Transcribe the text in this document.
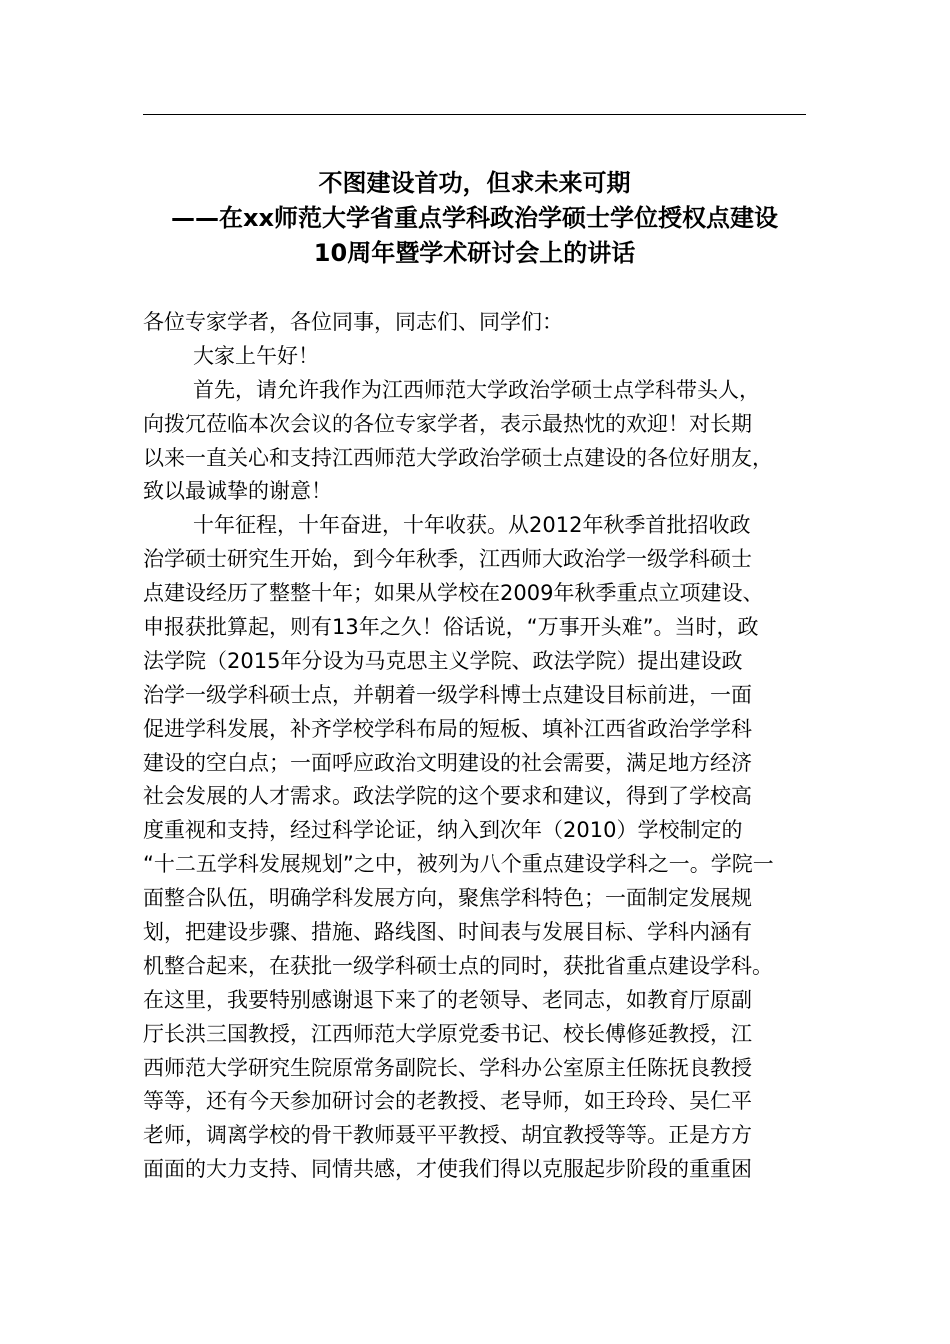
不图建设首功，但求未来可期
——在xx师范大学省重点学科政治学硕士学位授权点建设
10周年暨学术研讨会上的讲话
各位专家学者，各位同事，同志们、同学们：
大家上午好！
首先，请允许我作为江西师范大学政治学硕士点学科带头人，
向拨冗莅临本次会议的各位专家学者，表示最热忱的欢迎！对长期
以来一直关心和支持江西师范大学政治学硕士点建设的各位好朋友，
致以最诚挚的谢意！
十年征程，十年奋进，十年收获。从2012年秋季首批招收政
治学硕士研究生开始，到今年秋季，江西师大政治学一级学科硕士
点建设经历了整整十年；如果从学校在2009年秋季重点立项建设、
申报获批算起，则有13年之久！俗话说，“万事开头难”。当时，政
法学院（2015年分设为马克思主义学院、政法学院）提出建设政
治学一级学科硕士点，并朝着一级学科博士点建设目标前进，一面
促进学科发展，补齐学校学科布局的短板、填补江西省政治学学科
建设的空白点；一面呼应政治文明建设的社会需要，满足地方经济
社会发展的人才需求。政法学院的这个要求和建议，得到了学校高
度重视和支持，经过科学论证，纳入到次年（2010）学校制定的
“十二五学科发展规划”之中，被列为八个重点建设学科之一。学院一
面整合队伍，明确学科发展方向，聚焦学科特色；一面制定发展规
划，把建设步骤、措施、路线图、时间表与发展目标、学科内涵有
机整合起来，在获批一级学科硕士点的同时，获批省重点建设学科。
在这里，我要特别感谢退下来了的老领导、老同志，如教育厅原副
厅长洪三国教授，江西师范大学原党委书记、校长傅修延教授，江
西师范大学研究生院原常务副院长、学科办公室原主任陈抚良教授
等等，还有今天参加研讨会的老教授、老导师，如王玲玲、吴仁平
老师，调离学校的骨干教师聂平平教授、胡宜教授等等。正是方方
面面的大力支持、同情共感，才使我们得以克服起步阶段的重重困
